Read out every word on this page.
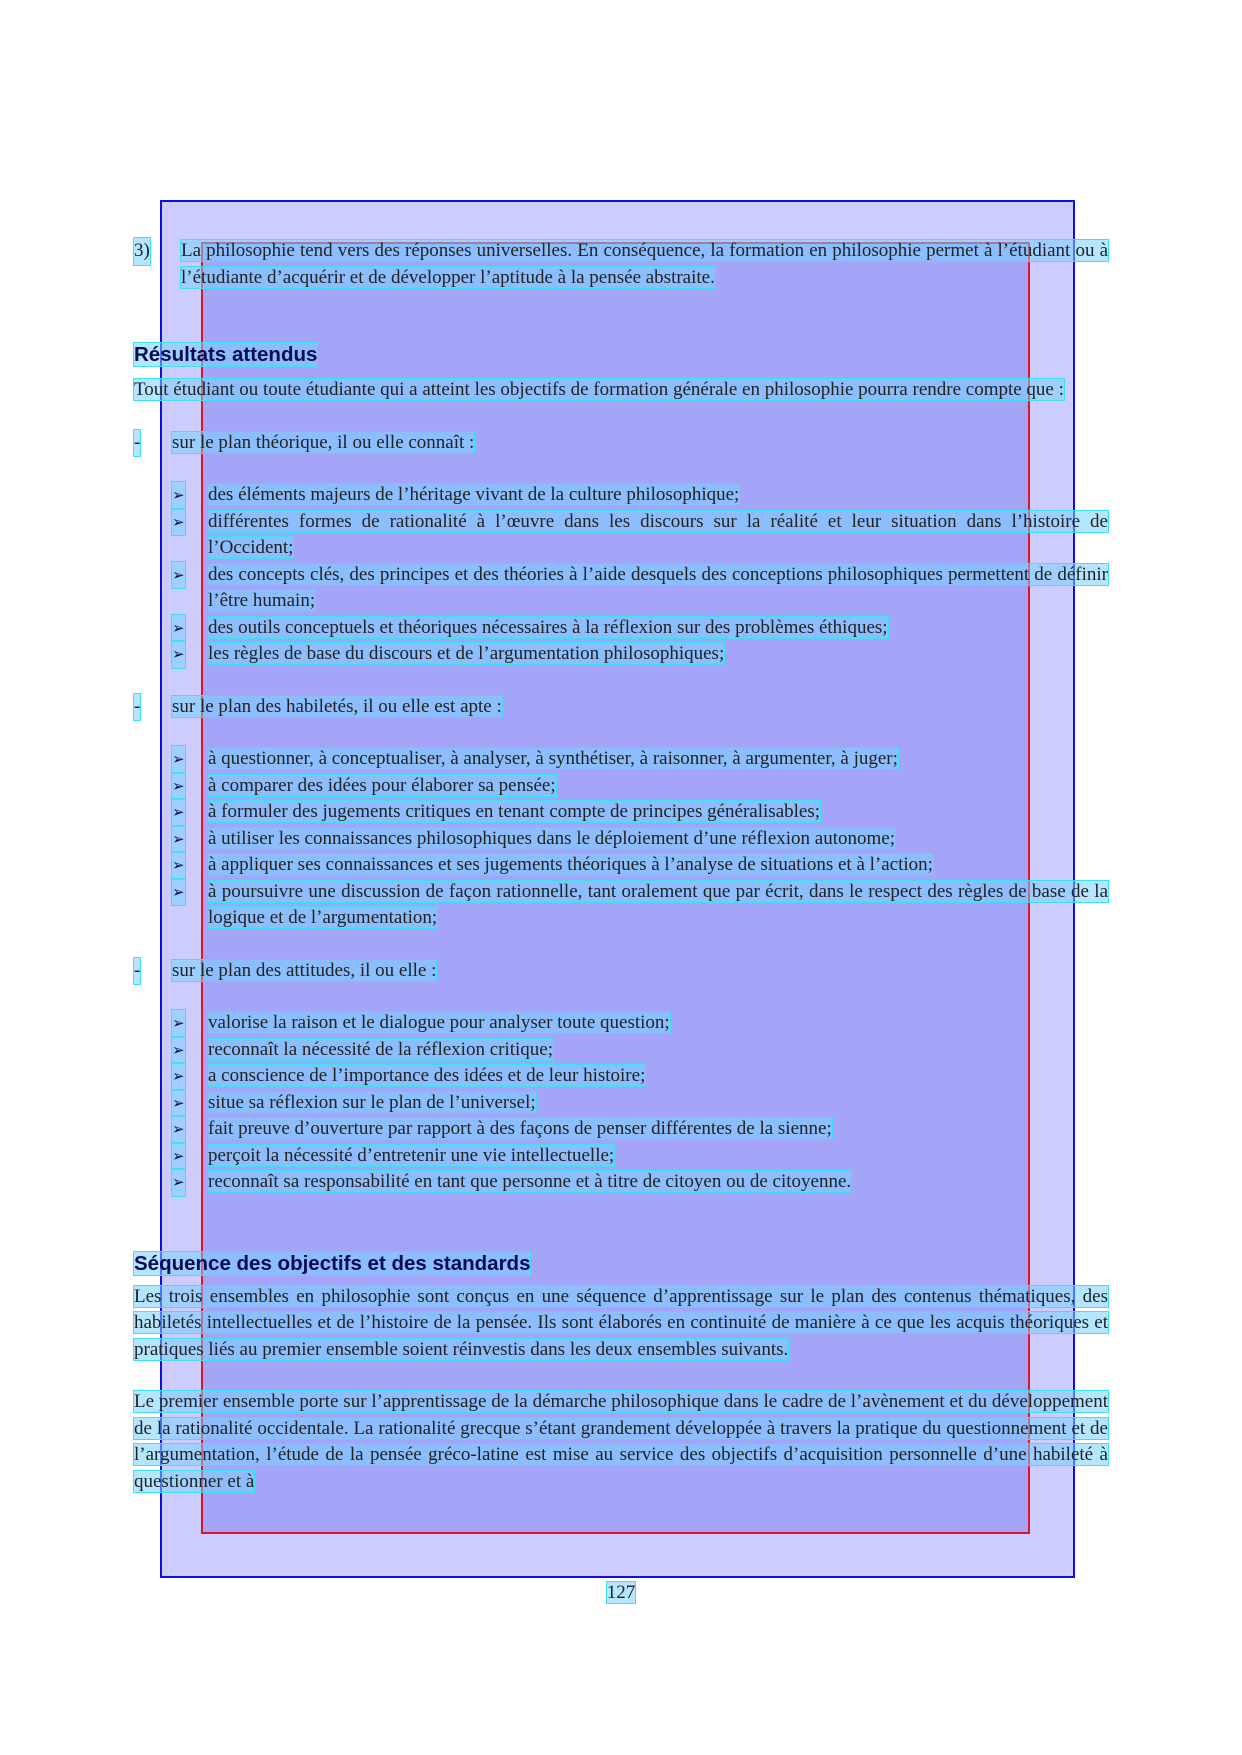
3) La philosophie tend vers des réponses universelles. En conséquence, la formation en philosophie permet à l’étudiant ou à l’étudiante d’acquérir et de développer l’aptitude à la pensée abstraite.

Résultats attendus

Tout étudiant ou toute étudiante qui a atteint les objectifs de formation générale en philosophie pourra rendre compte que :

- sur le plan théorique, il ou elle connaît :

➢ des éléments majeurs de l’héritage vivant de la culture philosophique;
➢ différentes formes de rationalité à l’œuvre dans les discours sur la réalité et leur situation dans l’histoire de l’Occident;
➢ des concepts clés, des principes et des théories à l’aide desquels des conceptions philosophiques permettent de définir l’être humain;
➢ des outils conceptuels et théoriques nécessaires à la réflexion sur des problèmes éthiques;
➢ les règles de base du discours et de l’argumentation philosophiques;

- sur le plan des habiletés, il ou elle est apte :

➢ à questionner, à conceptualiser, à analyser, à synthétiser, à raisonner, à argumenter, à juger;
➢ à comparer des idées pour élaborer sa pensée;
➢ à formuler des jugements critiques en tenant compte de principes généralisables;
➢ à utiliser les connaissances philosophiques dans le déploiement d’une réflexion autonome;
➢ à appliquer ses connaissances et ses jugements théoriques à l’analyse de situations et à l’action;
➢ à poursuivre une discussion de façon rationnelle, tant oralement que par écrit, dans le respect des règles de base de la logique et de l’argumentation;

- sur le plan des attitudes, il ou elle :

➢ valorise la raison et le dialogue pour analyser toute question;
➢ reconnaît la nécessité de la réflexion critique;
➢ a conscience de l’importance des idées et de leur histoire;
➢ situe sa réflexion sur le plan de l’universel;
➢ fait preuve d’ouverture par rapport à des façons de penser différentes de la sienne;
➢ perçoit la nécessité d’entretenir une vie intellectuelle;
➢ reconnaît sa responsabilité en tant que personne et à titre de citoyen ou de citoyenne.
Séquence des objectifs et des standards

Les trois ensembles en philosophie sont conçus en une séquence d’apprentissage sur le plan des contenus thématiques, des habiletés intellectuelles et de l’histoire de la pensée. Ils sont élaborés en continuité de manière à ce que les acquis théoriques et pratiques liés au premier ensemble soient réinvestis dans les deux ensembles suivants.

Le premier ensemble porte sur l’apprentissage de la démarche philosophique dans le cadre de l’avènement et du développement de la rationalité occidentale. La rationalité grecque s’étant grandement développée à travers la pratique du questionnement et de l’argumentation, l’étude de la pensée gréco-latine est mise au service des objectifs d’acquisition personnelle d’une habileté à questionner et à

127
